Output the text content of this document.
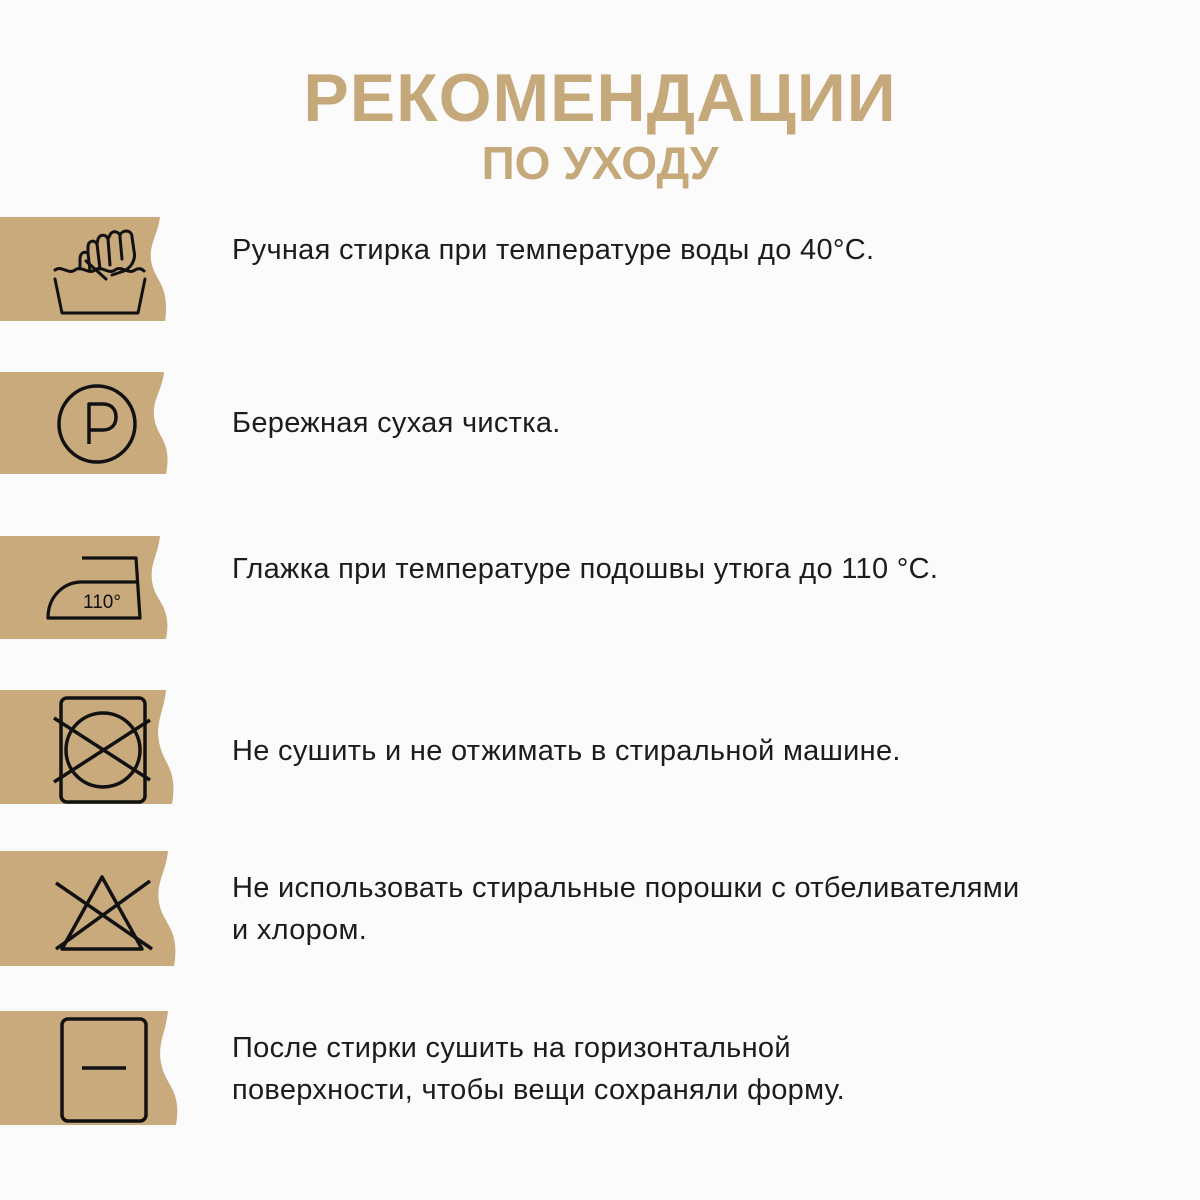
РЕКОМЕНДАЦИИ
ПО УХОДУ
Ручная стирка при температуре воды до 40°С.
Бережная сухая чистка.
110°
Глажка при температуре подошвы утюга до 110 °С.
Не сушить и не отжимать в стиральной машине.
Не использовать стиральные порошки с отбеливателями
и хлором.
После стирки сушить на горизонтальной
поверхности, чтобы вещи сохраняли форму.
